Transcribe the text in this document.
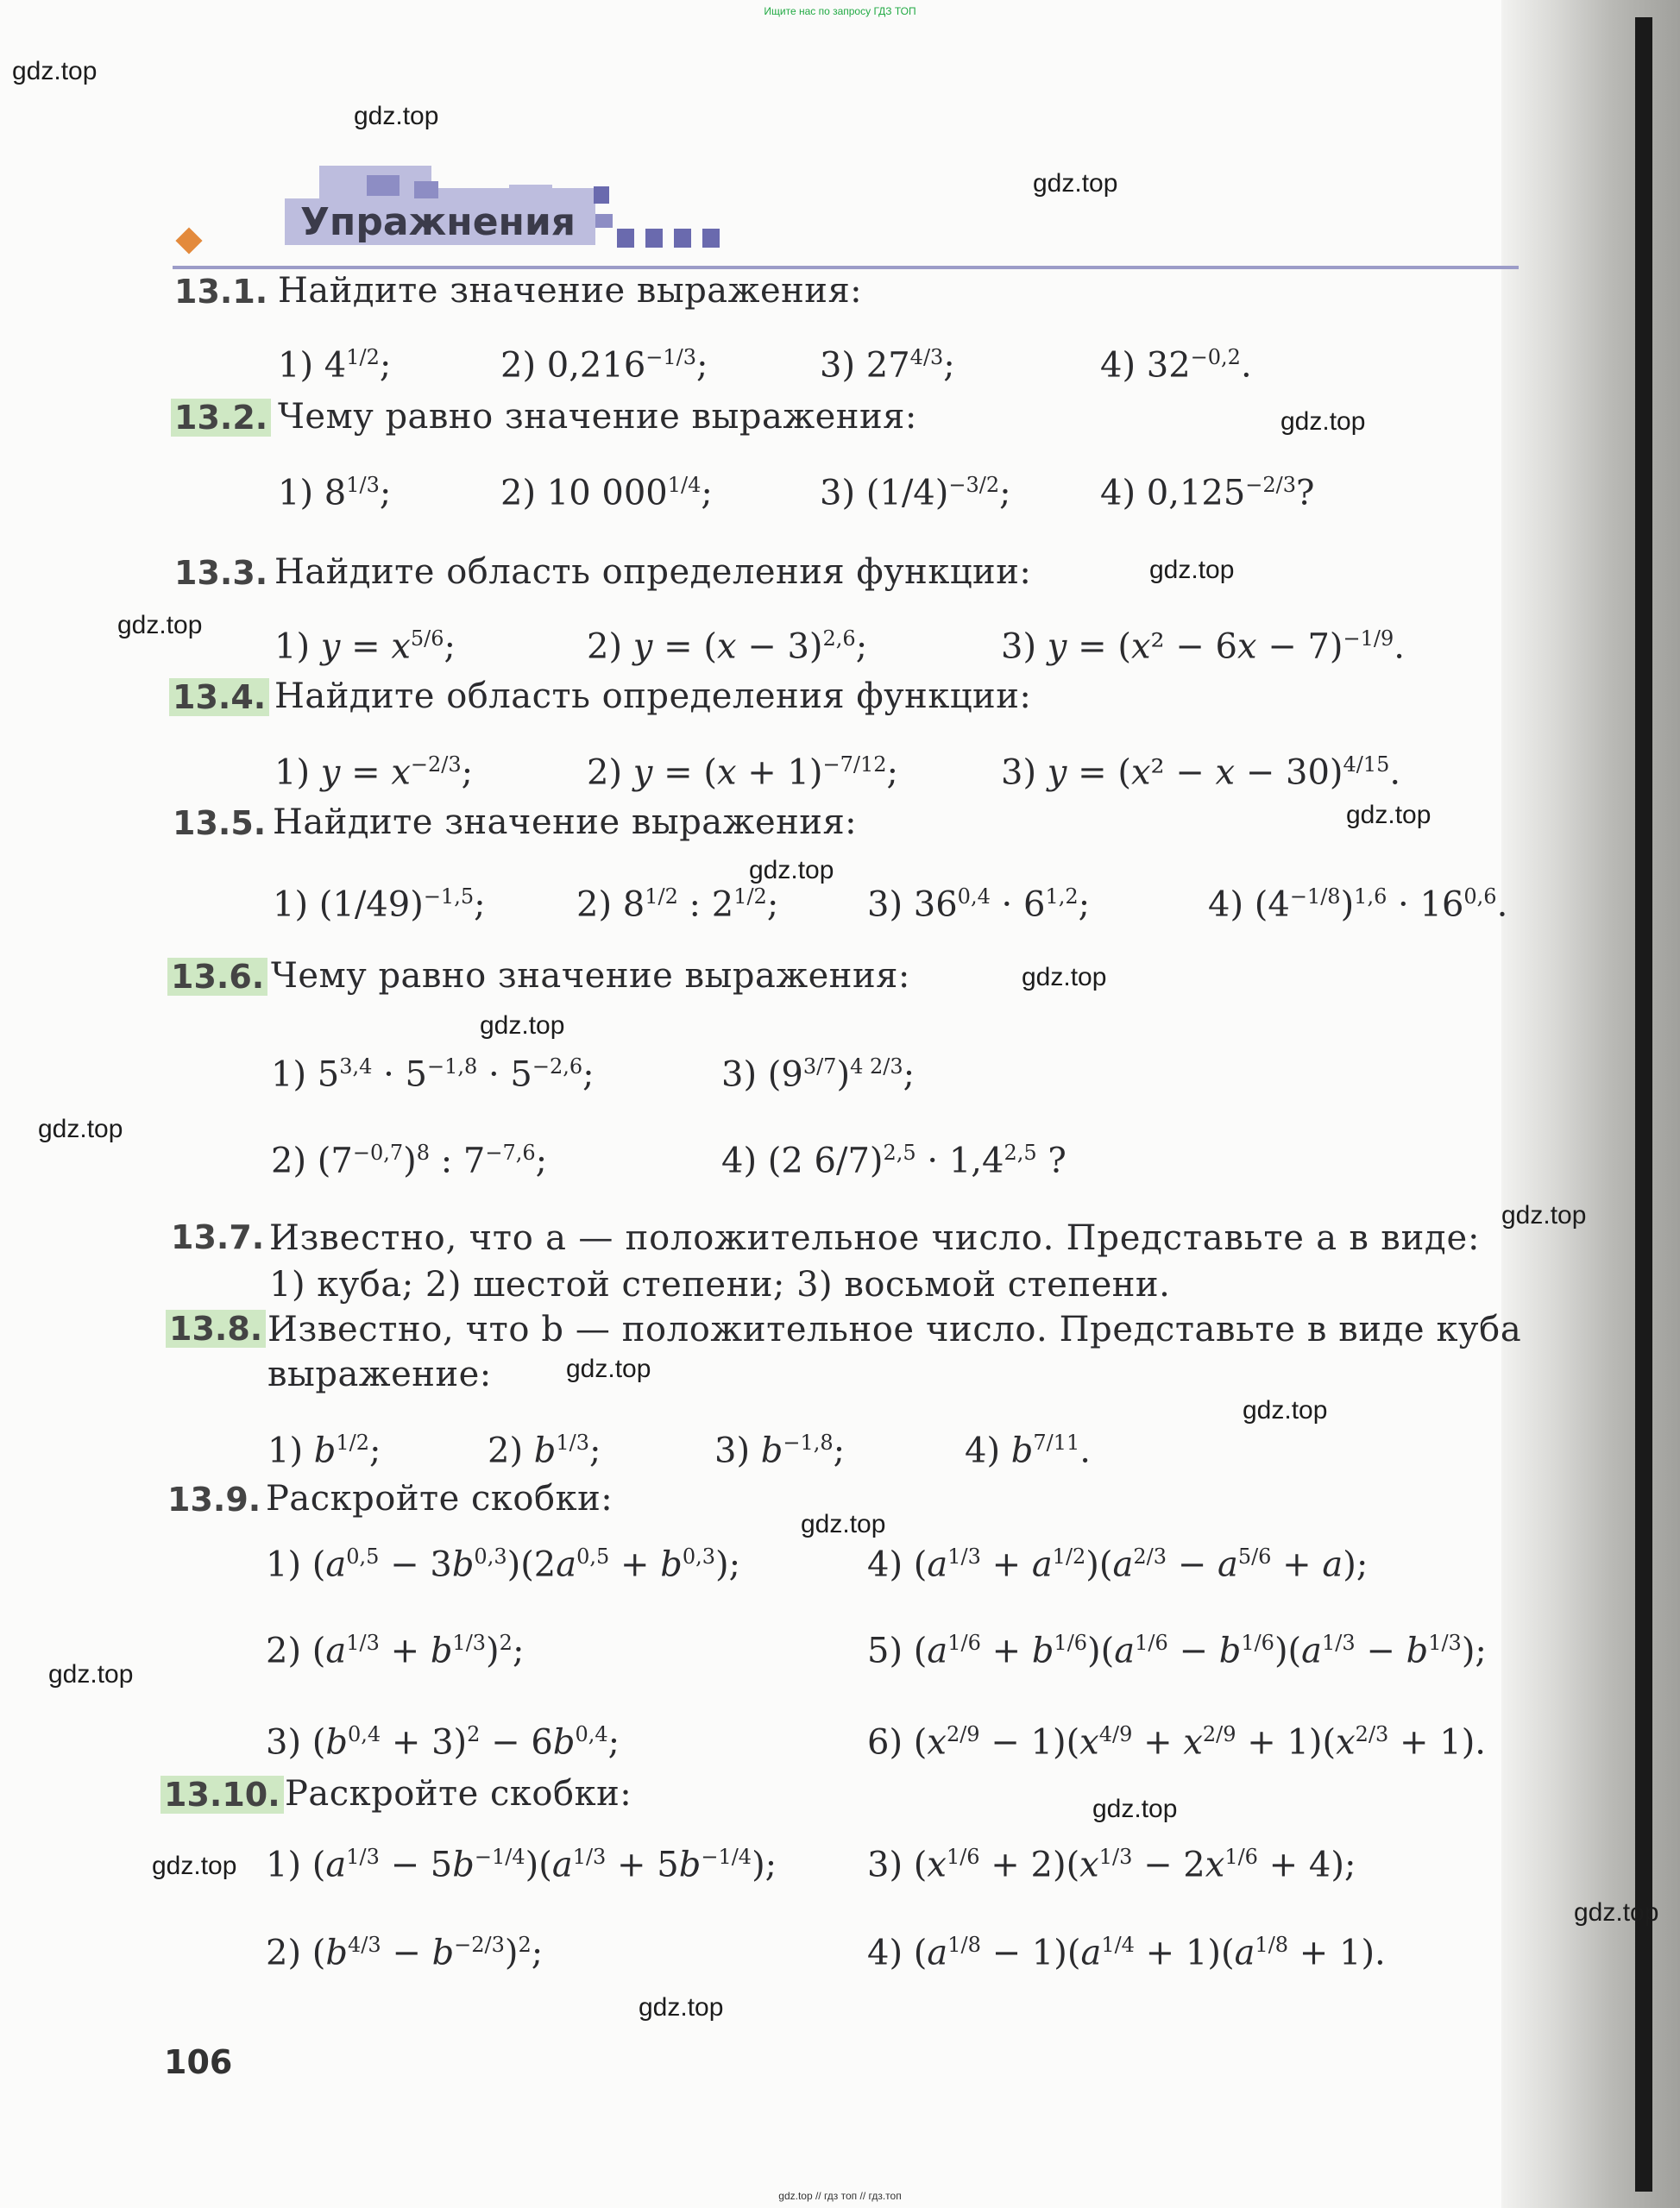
Ищите нас по запросу ГДЗ ТОП
gdz.top // гдз топ // гдз.топ
Упражнения
13.1. Найдите значение выражения:
1) $4^{1/2}$;	2) $0,216^{-1/3}$;	3) $27^{4/3}$;	4) $32^{-0,2}$.
13.2. Чему равно значение выражения:
1) $8^{1/3}$;	2) 10 $000^{1/4}$;	3) $(1/4)^{-3/2}$;	4) $0,125^{-2/3}$?
13.3. Найдите область определения функции:
1) $y = x^{5/6}$;	2) $y = (x - 3)^{2,6}$;	3) $y = (x^2 - 6x - 7)^{-1/9}$.
13.4. Найдите область определения функции:
1) $y = x^{-2/3}$;	2) $y = (x + 1)^{-7/12}$;	3) $y = (x^2 - x - 30)^{4/15}$.
13.5. Найдите значение выражения:
1) $(1/49)^{-1,5}$;	2) $8^{1/2}$ : $2^{1/2}$;	3) $36^{0,4} \cdot 6^{1,2}$;	4) $(4^{-1/8})^{1,6} \cdot 16^{0,6}$.
13.6. Чему равно значение выражения:
1) $5^{3,4} \cdot 5^{-1,8} \cdot 5^{-2,6}$;	3) $(9^{3/7})^{4 2/3}$;
2) $(7^{-0,7})^8$ : $7^{-7,6}$;	4) (2 $6/7)^{2,5} \cdot 1,4^{2,5}$ ?
13.7. Известно, что a — положительное число. Представьте a в виде:
1) куба; 2) шестой степени; 3) восьмой степени.
13.8. Известно, что b — положительное число. Представьте в виде куба
выражение:
1) $b^{1/2}$;	2) $b^{1/3}$;	3) $b^{-1,8}$;	4) $b^{7/11}$.
13.9. Раскройте скобки:
1) $(a^{0,5} - 3b^{0,3})(2a^{0,5} + b^{0,3})$;	4) $(a^{1/3} + a^{1/2})(a^{2/3} - a^{5/6} + a)$;
2) $(a^{1/3} + b^{1/3})^2$;	5) $(a^{1/6} + b^{1/6})(a^{1/6} - b^{1/6})(a^{1/3} - b^{1/3})$;
3) $(b^{0,4} + 3)^2 - 6b^{0,4}$;	6) $(x^{2/9} - 1)(x^{4/9} + x^{2/9} + 1)(x^{2/3} + 1)$.
13.10. Раскройте скобки:
1) $(a^{1/3} - 5b^{-1/4})(a^{1/3} + 5b^{-1/4})$;	3) $(x^{1/6} + 2)(x^{1/3} - 2x^{1/6} + 4)$;
2) $(b^{4/3} - b^{-2/3})^2$;	4) $(a^{1/8} - 1)(a^{1/4} + 1)(a^{1/8} + 1)$.
106
gdz.top
gdz.top
gdz.top
gdz.top
gdz.top
gdz.top
gdz.top
gdz.top
gdz.top
gdz.top
gdz.top
gdz.top
gdz.top
gdz.top
gdz.top
gdz.top
gdz.top
gdz.top
gdz.top
gdz.top
